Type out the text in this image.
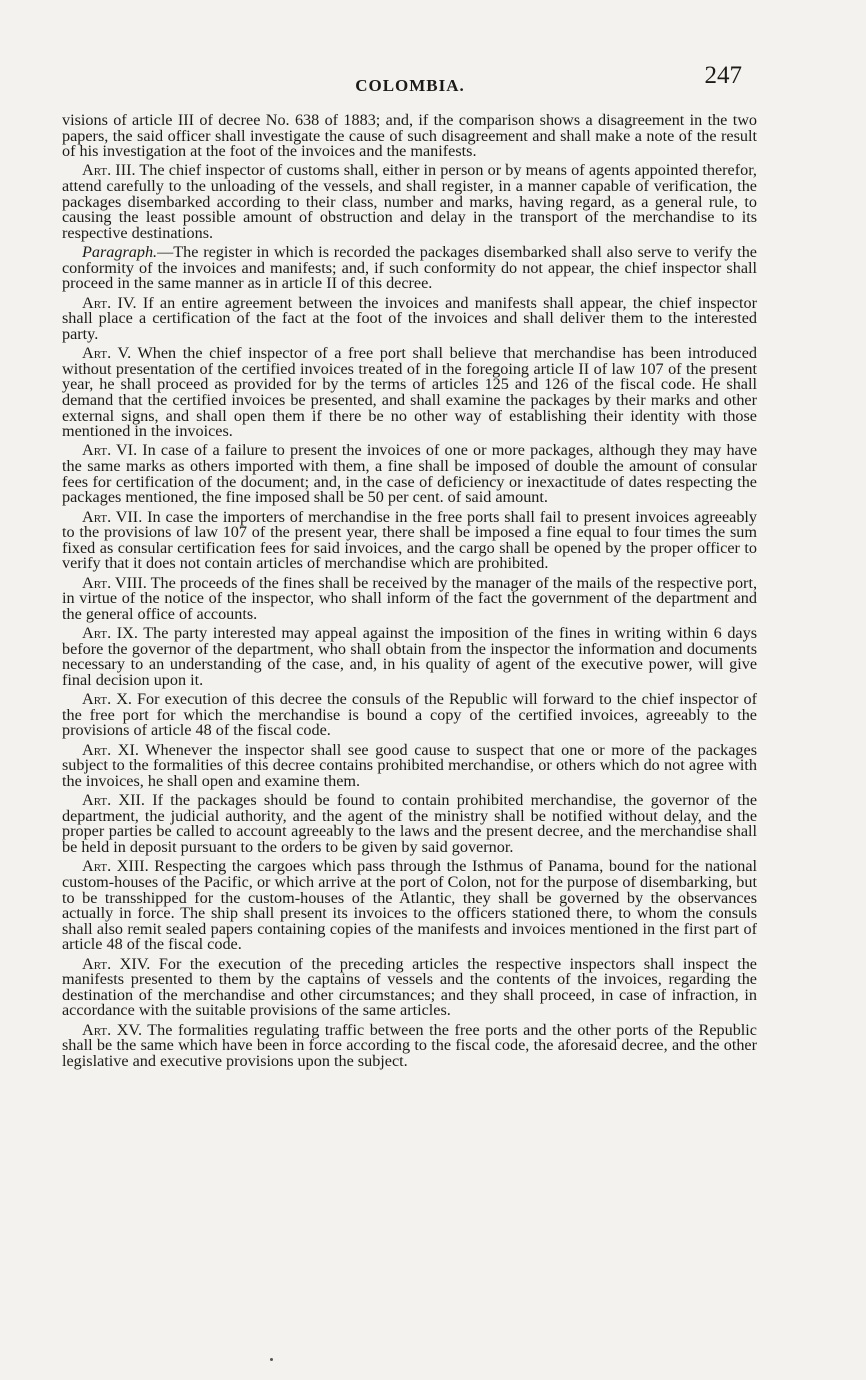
COLOMBIA.	247

visions of article III of decree No. 638 of 1883; and, if the comparison shows a disagreement in the two papers, the said officer shall investigate the cause of such disagreement and shall make a note of the result of his investigation at the foot of the invoices and the manifests.

Art. III. The chief inspector of customs shall, either in person or by means of agents appointed therefor, attend carefully to the unloading of the vessels, and shall register, in a manner capable of verification, the packages disembarked according to their class, number and marks, having regard, as a general rule, to causing the least possible amount of obstruction and delay in the transport of the merchandise to its respective destinations.

Paragraph.—The register in which is recorded the packages disembarked shall also serve to verify the conformity of the invoices and manifests; and, if such conformity do not appear, the chief inspector shall proceed in the same manner as in article II of this decree.

Art. IV. If an entire agreement between the invoices and manifests shall appear, the chief inspector shall place a certification of the fact at the foot of the invoices and shall deliver them to the interested party.

Art. V. When the chief inspector of a free port shall believe that merchandise has been introduced without presentation of the certified invoices treated of in the foregoing article II of law 107 of the present year, he shall proceed as provided for by the terms of articles 125 and 126 of the fiscal code. He shall demand that the certified invoices be presented, and shall examine the packages by their marks and other external signs, and shall open them if there be no other way of establishing their identity with those mentioned in the invoices.

Art. VI. In case of a failure to present the invoices of one or more packages, although they may have the same marks as others imported with them, a fine shall be imposed of double the amount of consular fees for certification of the document; and, in the case of deficiency or inexactitude of dates respecting the packages mentioned, the fine imposed shall be 50 per cent. of said amount.

Art. VII. In case the importers of merchandise in the free ports shall fail to present invoices agreeably to the provisions of law 107 of the present year, there shall be imposed a fine equal to four times the sum fixed as consular certification fees for said invoices, and the cargo shall be opened by the proper officer to verify that it does not contain articles of merchandise which are prohibited.

Art. VIII. The proceeds of the fines shall be received by the manager of the mails of the respective port, in virtue of the notice of the inspector, who shall inform of the fact the government of the department and the general office of accounts.

Art. IX. The party interested may appeal against the imposition of the fines in writing within 6 days before the governor of the department, who shall obtain from the inspector the information and documents necessary to an understanding of the case, and, in his quality of agent of the executive power, will give final decision upon it.

Art. X. For execution of this decree the consuls of the Republic will forward to the chief inspector of the free port for which the merchandise is bound a copy of the certified invoices, agreeably to the provisions of article 48 of the fiscal code.

Art. XI. Whenever the inspector shall see good cause to suspect that one or more of the packages subject to the formalities of this decree contains prohibited merchandise, or others which do not agree with the invoices, he shall open and examine them.

Art. XII. If the packages should be found to contain prohibited merchandise, the governor of the department, the judicial authority, and the agent of the ministry shall be notified without delay, and the proper parties be called to account agreeably to the laws and the present decree, and the merchandise shall be held in deposit pursuant to the orders to be given by said governor.

Art. XIII. Respecting the cargoes which pass through the Isthmus of Panama, bound for the national custom-houses of the Pacific, or which arrive at the port of Colon, not for the purpose of disembarking, but to be transshipped for the custom-houses of the Atlantic, they shall be governed by the observances actually in force. The ship shall present its invoices to the officers stationed there, to whom the consuls shall also remit sealed papers containing copies of the manifests and invoices mentioned in the first part of article 48 of the fiscal code.

Art. XIV. For the execution of the preceding articles the respective inspectors shall inspect the manifests presented to them by the captains of vessels and the contents of the invoices, regarding the destination of the merchandise and other circumstances; and they shall proceed, in case of infraction, in accordance with the suitable provisions of the same articles.

Art. XV. The formalities regulating traffic between the free ports and the other ports of the Republic shall be the same which have been in force according to the fiscal code, the aforesaid decree, and the other legislative and executive provisions upon the subject.
